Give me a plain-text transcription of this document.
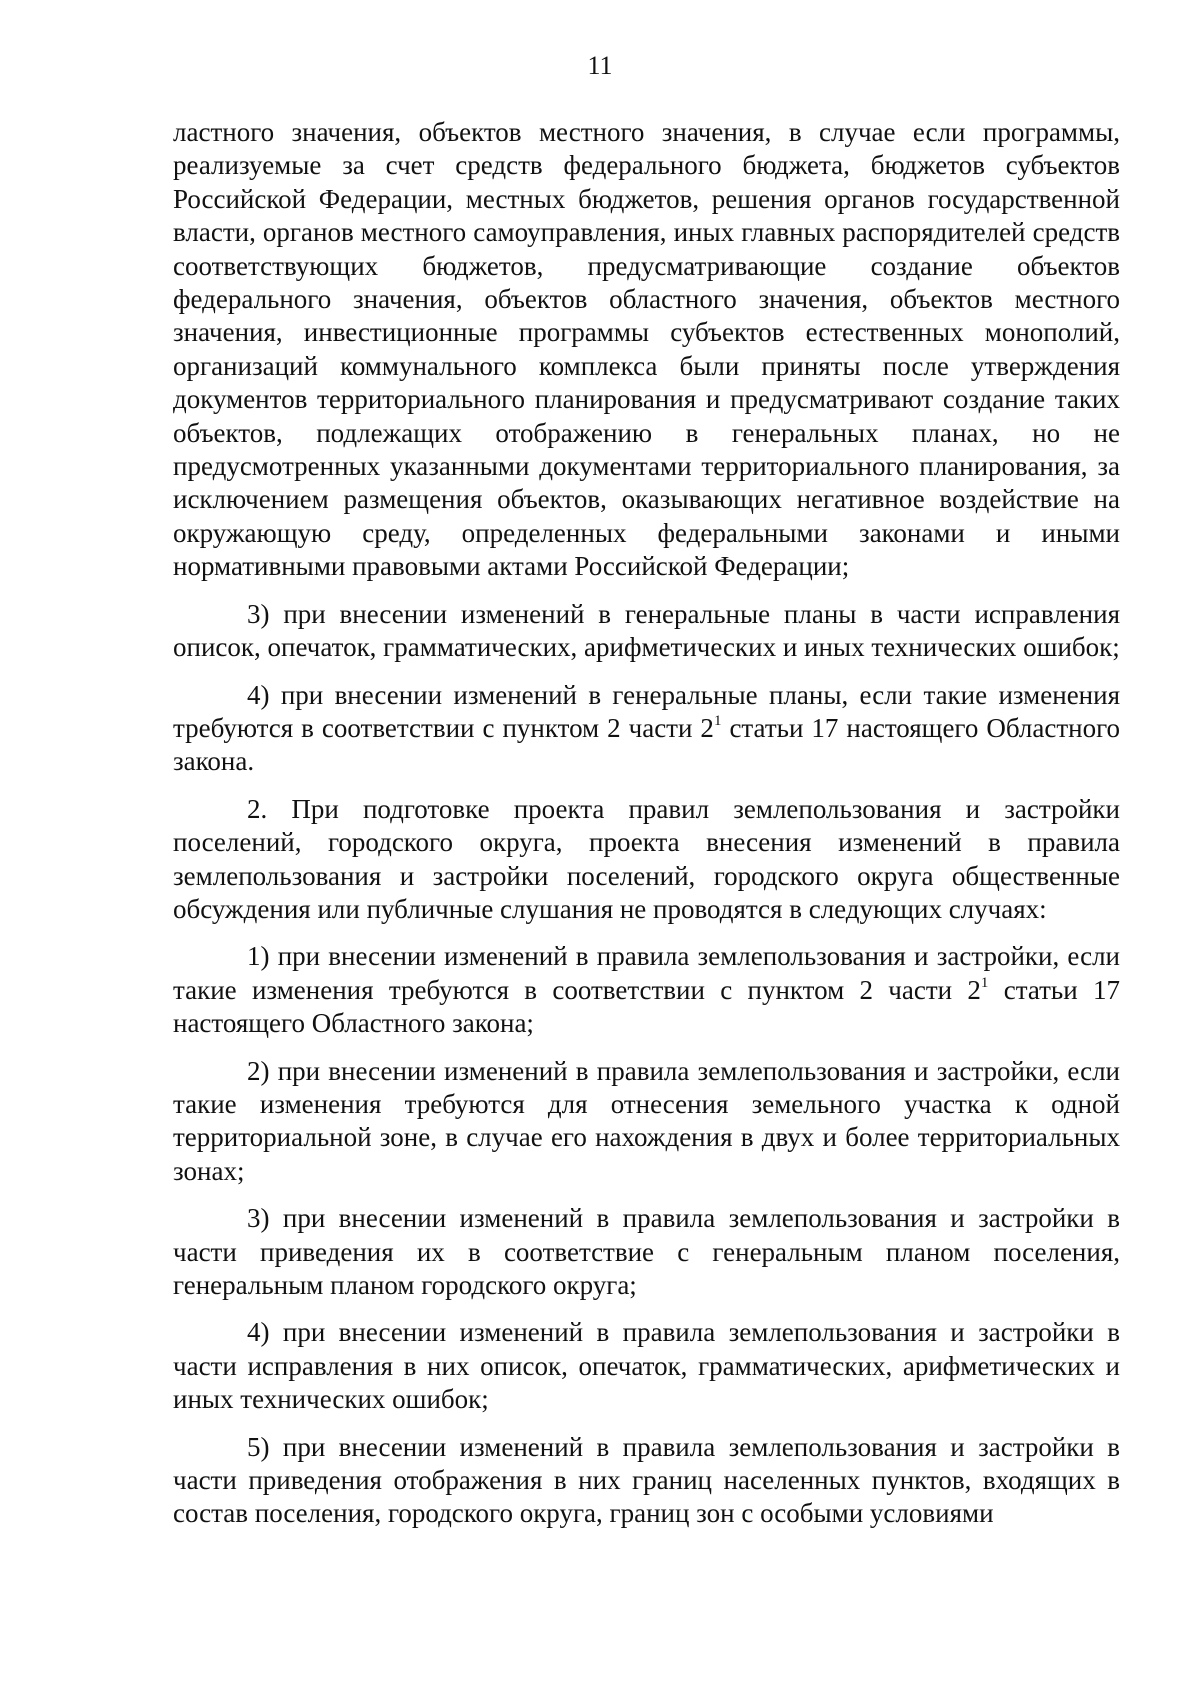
11

ластного значения, объектов местного значения, в случае если программы, реализуемые за счет средств федерального бюджета, бюджетов субъектов Российской Федерации, местных бюджетов, решения органов государственной власти, органов местного самоуправления, иных главных распорядителей средств соответствующих бюджетов, предусматривающие создание объектов федерального значения, объектов областного значения, объектов местного значения, инвестиционные программы субъектов естественных монополий, организаций коммунального комплекса были приняты после утверждения документов территориального планирования и предусматривают создание таких объектов, подлежащих отображению в генеральных планах, но не предусмотренных указанными документами территориального планирования, за исключением размещения объектов, оказывающих негативное воздействие на окружающую среду, определенных федеральными законами и иными нормативными правовыми актами Российской Федерации;

3) при внесении изменений в генеральные планы в части исправления описок, опечаток, грамматических, арифметических и иных технических ошибок;

4) при внесении изменений в генеральные планы, если такие изменения требуются в соответствии с пунктом 2 части $2^1$ статьи 17 настоящего Областного закона.

2. При подготовке проекта правил землепользования и застройки поселений, городского округа, проекта внесения изменений в правила землепользования и застройки поселений, городского округа общественные обсуждения или публичные слушания не проводятся в следующих случаях:

1) при внесении изменений в правила землепользования и застройки, если такие изменения требуются в соответствии с пунктом 2 части $2^1$ статьи 17 настоящего Областного закона;

2) при внесении изменений в правила землепользования и застройки, если такие изменения требуются для отнесения земельного участка к одной территориальной зоне, в случае его нахождения в двух и более территориальных зонах;

3) при внесении изменений в правила землепользования и застройки в части приведения их в соответствие с генеральным планом поселения, генеральным планом городского округа;

4) при внесении изменений в правила землепользования и застройки в части исправления в них описок, опечаток, грамматических, арифметических и иных технических ошибок;

5) при внесении изменений в правила землепользования и застройки в части приведения отображения в них границ населенных пунктов, входящих в состав поселения, городского округа, границ зон с особыми условиями
